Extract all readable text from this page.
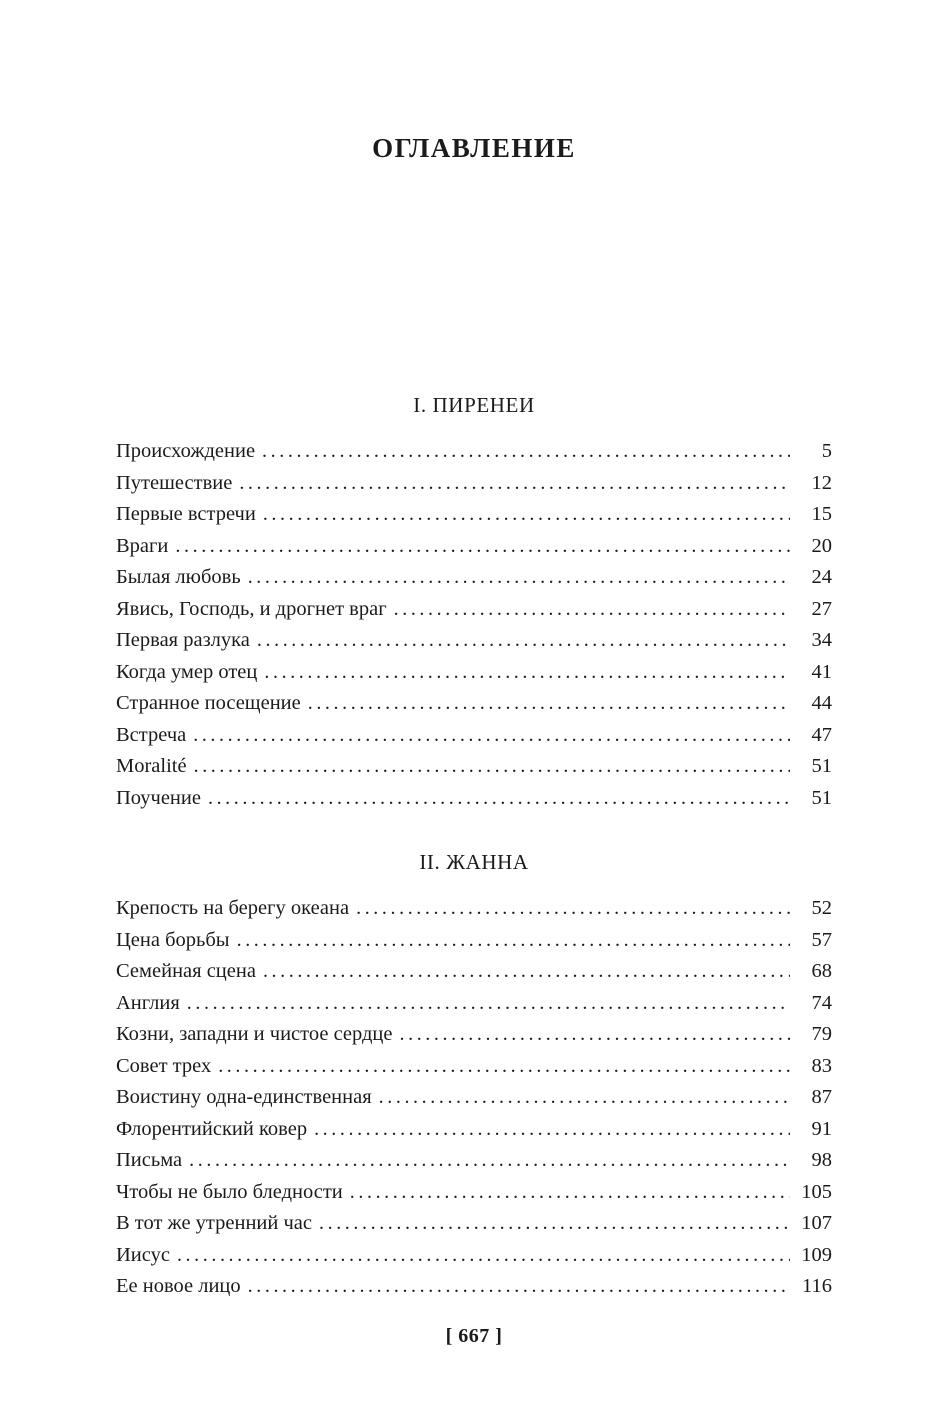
ОГЛАВЛЕНИЕ
I. ПИРЕНЕИ
Происхождение .....	5
Путешествие .....	12
Первые встречи .....	15
Враги .....	20
Былая любовь .....	24
Явись, Господь, и дрогнет враг .....	27
Первая разлука .....	34
Когда умер отец .....	41
Странное посещение .....	44
Встреча .....	47
Moralité .....	51
Поучение .....	51
II. ЖАННА
Крепость на берегу океана .....	52
Цена борьбы .....	57
Семейная сцена .....	68
Англия .....	74
Козни, западни и чистое сердце .....	79
Совет трех .....	83
Воистину одна-единственная .....	87
Флорентийский ковер .....	91
Письма .....	98
Чтобы не было бледности .....	105
В тот же утренний час .....	107
Иисус .....	109
Ее новое лицо .....	116
[ 667 ]
